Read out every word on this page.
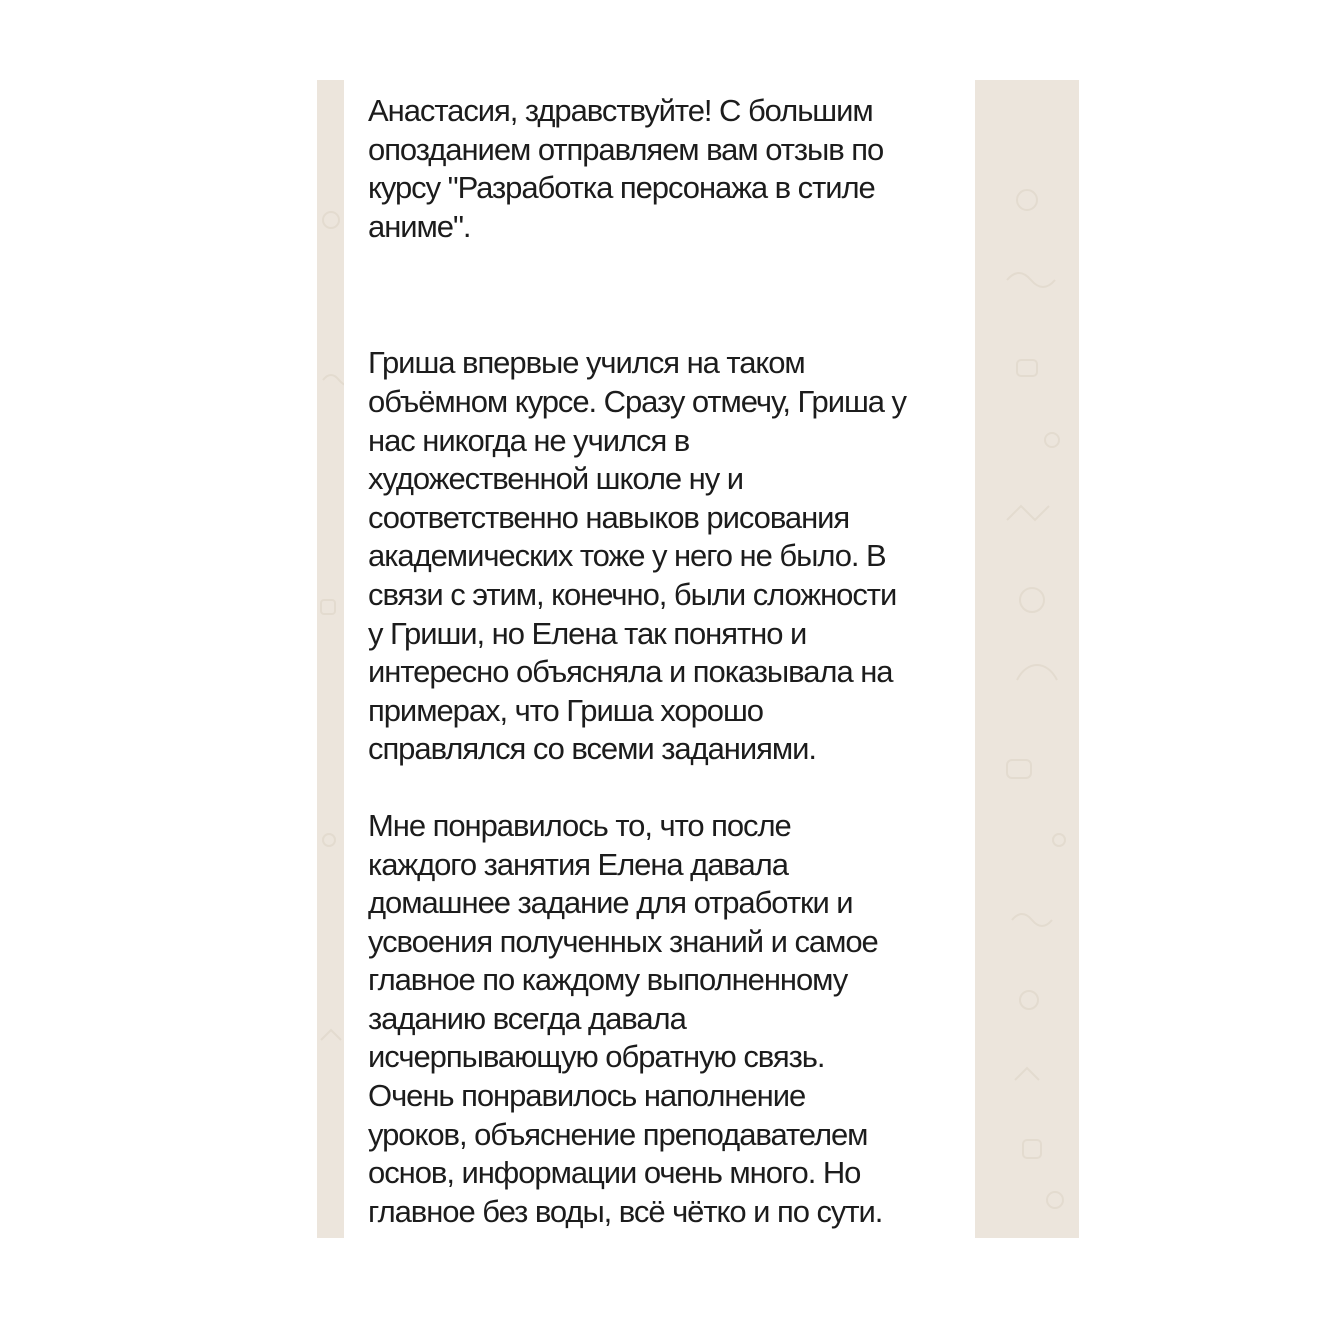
Анастасия, здравствуйте! С большим
опозданием отправляем вам отзыв по
курсу "Разработка персонажа в стиле
аниме".

Гриша впервые учился на таком
объёмном курсе. Сразу отмечу, Гриша у
нас никогда не учился в
художественной школе ну и
соответственно навыков рисования
академических тоже у него не было. В
связи с этим, конечно, были сложности
у Гриши, но Елена так понятно и
интересно объясняла и показывала на
примерах, что Гриша хорошо
справлялся со всеми заданиями.

Мне понравилось то, что после
каждого занятия Елена давала
домашнее задание для отработки и
усвоения полученных знаний и самое
главное по каждому выполненному
заданию всегда давала
исчерпывающую обратную связь.
Очень понравилось наполнение
уроков, объяснение преподавателем
основ, информации очень много. Но
главное без воды, всё чётко и по сути.
